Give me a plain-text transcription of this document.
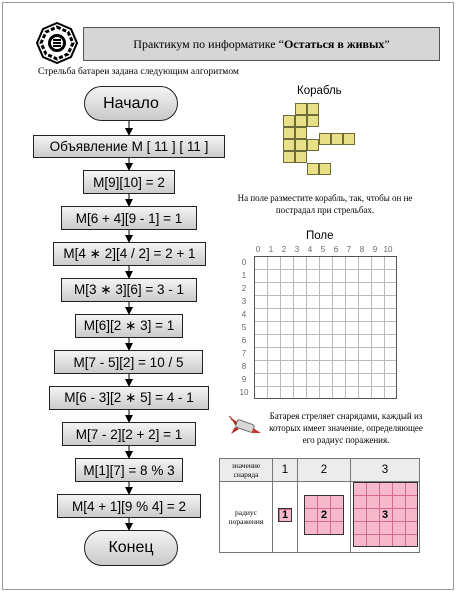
Практикум по информатике “ Остаться в живых ”
Стрельба батареи задана следующим алгоритмом
Начало
Объявление M [ 11 ] [ 11 ]
M[9][10] = 2
M[6 + 4][9 - 1] = 1
M[4 ∗ 2][4 / 2] = 2 + 1
M[3 ∗ 3][6] = 3 - 1
M[6][2 ∗ 3] = 1
M[7 - 5][2] = 10 / 5
M[6 - 3][2 ∗ 5] = 4 - 1
M[7 - 2][2 + 2] = 1
M[1][7] = 8 % 3
M[4 + 1][9 % 4] = 2
Конец
Корабль
На поле разместите корабль, так, чтобы он не пострадал при стрельбах.
Поле
0	1	2	3	4	5	6	7	8	9 10
0
1
2
3
4
5
6
7
8
9
10
Батарея стреляет снарядами, каждый из которых имеет значение, определяющее его радиус поражения.
значение снаряда	1	2	3
радиус поражения	1	2	3
